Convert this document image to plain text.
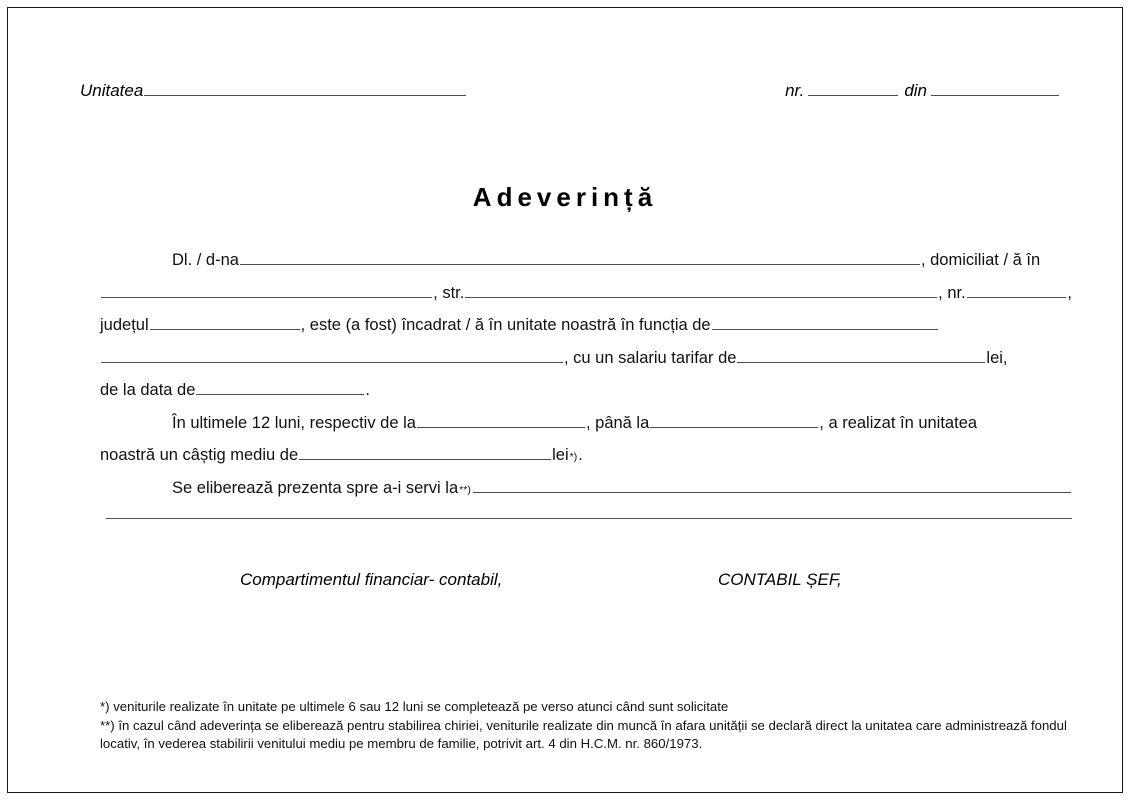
Unitatea	nr.	din
Adeverință
Dl. / d-na	, domiciliat / ă în
, str.	, nr.	,
județul	, este (a fost) încadrat / ă în unitate noastră în funcția de
, cu un salariu tarifar de	lei,
de la data de	.
În ultimele 12 luni, respectiv de la	, până la	, a realizat în unitatea
noastră un câștig mediu de	lei *) .
Se eliberează prezenta spre a-i servi la **)
Compartimentul financiar- contabil,	CONTABIL ȘEF,
*) veniturile realizate în unitate pe ultimele 6 sau 12 luni se completează pe verso atunci când sunt solicitate
**) în cazul când adeverința se eliberează pentru stabilirea chiriei, veniturile realizate din muncă în afara unității se declară direct la unitatea care administrează fondul locativ, în vederea stabilirii venitului mediu pe membru de familie, potrivit art. 4 din H.C.M. nr. 860/1973.
